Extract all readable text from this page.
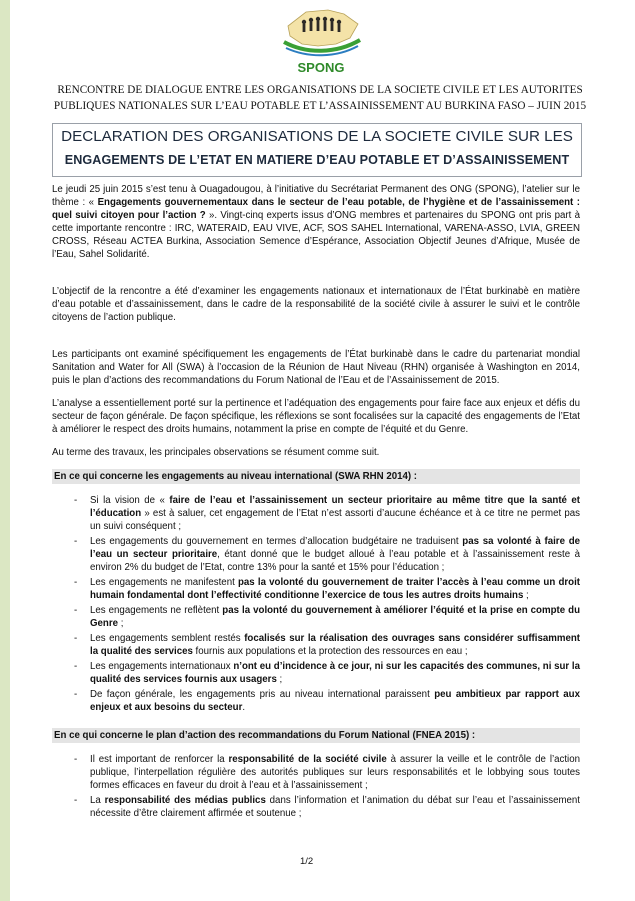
SPONG
RENCONTRE DE DIALOGUE ENTRE LES ORGANISATIONS DE LA SOCIETE CIVILE ET LES AUTORITES
PUBLIQUES NATIONALES SUR L’EAU POTABLE ET L’ASSAINISSEMENT AU BURKINA FASO – JUIN 2015
DECLARATION DES ORGANISATIONS DE LA SOCIETE CIVILE SUR LES
ENGAGEMENTS DE L’ETAT EN MATIERE D’EAU POTABLE ET D’ASSAINISSEMENT

Le jeudi 25 juin 2015 s’est tenu à Ouagadougou, à l’initiative du Secrétariat Permanent des ONG (SPONG), l’atelier sur le thème : « Engagements gouvernementaux dans le secteur de l’eau potable, de l’hygiène et de l’assainissement : quel suivi citoyen pour l’action ? ». Vingt-cinq experts issus d’ONG membres et partenaires du SPONG ont pris part à cette importante rencontre : IRC, WATERAID, EAU VIVE, ACF, SOS SAHEL International, VARENA-ASSO, LVIA, GREEN CROSS, Réseau ACTEA Burkina, Association Semence d’Espérance, Association Objectif Jeunes d’Afrique, Musée de l’Eau, Sahel Solidarité.

L’objectif de la rencontre a été d’examiner les engagements nationaux et internationaux de l’État burkinabè en matière d’eau potable et d’assainissement, dans le cadre de la responsabilité de la société civile à assurer le suivi et le contrôle citoyens de l’action publique.

Les participants ont examiné spécifiquement les engagements de l’État burkinabè dans le cadre du partenariat mondial Sanitation and Water for All (SWA) à l’occasion de la Réunion de Haut Niveau (RHN) organisée à Washington en 2014, puis le plan d’actions des recommandations du Forum National de l’Eau et de l’Assainissement de 2015.

L’analyse a essentiellement porté sur la pertinence et l’adéquation des engagements pour faire face aux enjeux et défis du secteur de façon générale. De façon spécifique, les réflexions se sont focalisées sur la capacité des engagements de l’Etat à améliorer le respect des droits humains, notamment la prise en compte de l’équité et du Genre.

Au terme des travaux, les principales observations se résument comme suit.

En ce qui concerne les engagements au niveau international (SWA RHN 2014) :

- Si la vision de « faire de l’eau et l’assainissement un secteur prioritaire au même titre que la santé et l’éducation » est à saluer, cet engagement de l’Etat n’est assorti d’aucune échéance et à ce titre ne permet pas un suivi conséquent ;
- Les engagements du gouvernement en termes d’allocation budgétaire ne traduisent pas sa volonté à faire de l’eau un secteur prioritaire, étant donné que le budget alloué à l’eau potable et à l’assainissement reste à environ 2% du budget de l’Etat, contre 13% pour la santé et 15% pour l’éducation ;
- Les engagements ne manifestent pas la volonté du gouvernement de traiter l’accès à l’eau comme un droit humain fondamental dont l’effectivité conditionne l’exercice de tous les autres droits humains ;
- Les engagements ne reflètent pas la volonté du gouvernement à améliorer l’équité et la prise en compte du Genre ;
- Les engagements semblent restés focalisés sur la réalisation des ouvrages sans considérer suffisamment la qualité des services fournis aux populations et la protection des ressources en eau ;
- Les engagements internationaux n’ont eu d’incidence à ce jour, ni sur les capacités des communes, ni sur la qualité des services fournis aux usagers ;
- De façon générale, les engagements pris au niveau international paraissent peu ambitieux par rapport aux enjeux et aux besoins du secteur.

En ce qui concerne le plan d’action des recommandations du Forum National (FNEA 2015) :

- Il est important de renforcer la responsabilité de la société civile à assurer la veille et le contrôle de l’action publique, l’interpellation régulière des autorités publiques sur leurs responsabilités et le lobbying sous toutes formes efficaces en faveur du droit à l’eau et à l’assainissement ;
- La responsabilité des médias publics dans l’information et l’animation du débat sur l’eau et l’assainissement nécessite d’être clairement affirmée et soutenue ;
1/2
